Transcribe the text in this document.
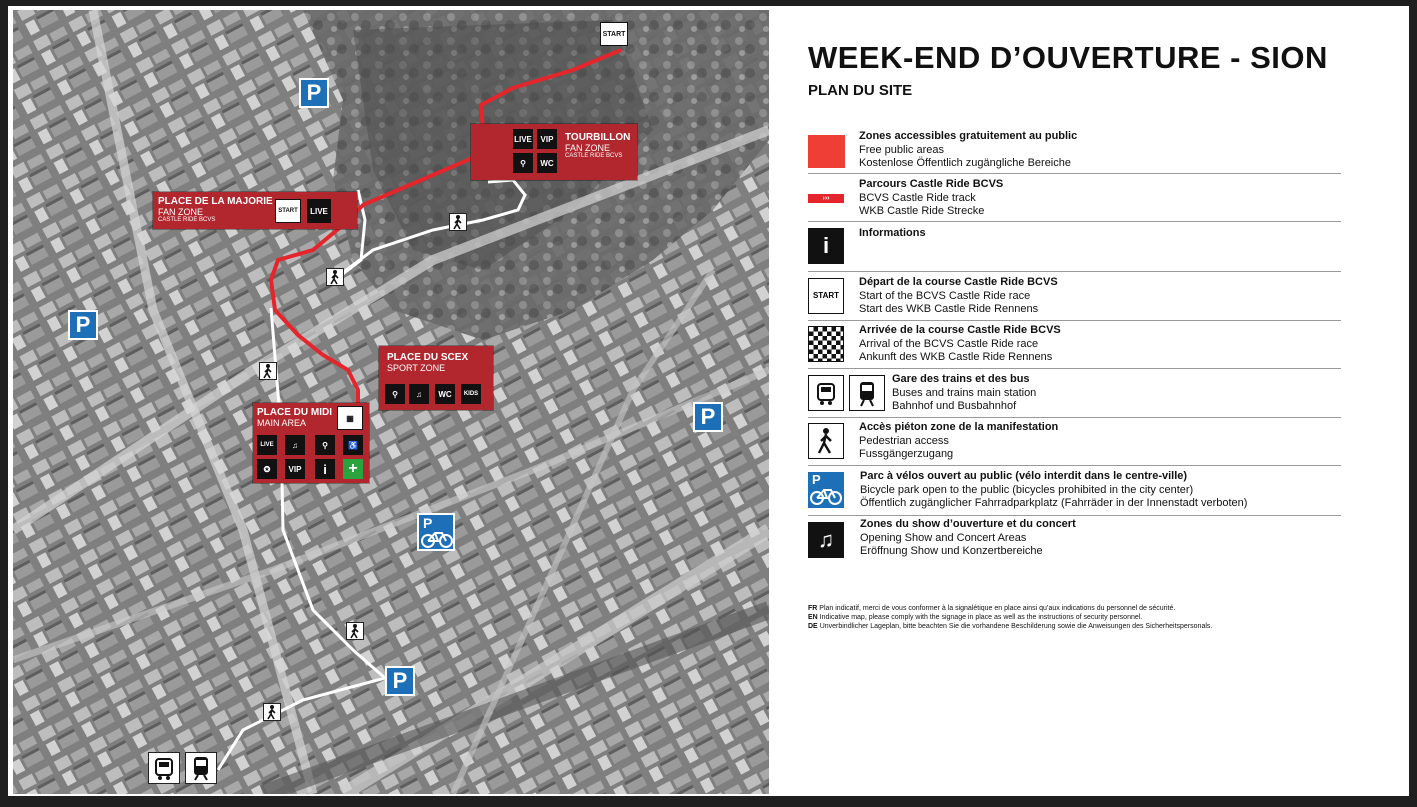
START
LIVE	VIP
⚲	WC
TOURBILLON
FAN ZONE
CASTLE RIDE BCVS
PLACE DE LA MAJORIE
FAN ZONE
CASTLE RIDE BCVS
START	LIVE
PLACE DU SCEX
SPORT ZONE
⚲	♫	WC	KIDS
PLACE DU MIDI
MAIN AREA	▦
LIVE	♫	⚲	♿
✪	VIP	i	+
P
P
P
P
P
WEEK-END D’OUVERTURE - SION
PLAN DU SITE
Zones accessibles gratuitement au public
Free public areas
Kostenlose Öffentlich zugängliche Bereiche
›››
Parcours Castle Ride BCVS
BCVS Castle Ride track
WKB Castle Ride Strecke
i	Informations
START
Départ de la course Castle Ride BCVS
Start of the BCVS Castle Ride race
Start des WKB Castle Ride Rennens
Arrivée de la course Castle Ride BCVS
Arrival of the BCVS Castle Ride race
Ankunft des WKB Castle Ride Rennens
Gare des trains et des bus
Buses and trains main station
Bahnhof und Busbahnhof
Accès piéton zone de la manifestation
Pedestrian access
Fussgängerzugang
P	Parc à vélos ouvert au public (vélo interdit dans le centre-ville)
Bicycle park open to the public (bicycles prohibited in the city center)
Öffentlich zugänglicher Fahrradparkplatz (Fahrräder in der Innenstadt verboten)
♫
Zones du show d’ouverture et du concert
Opening Show and Concert Areas
Eröffnung Show und Konzertbereiche
FR Plan indicatif, merci de vous conformer à la signalétique en place ainsi qu’aux indications du personnel de sécurité.
EN Indicative map, please comply with the signage in place as well as the instructions of security personnel.
DE Unverbindlicher Lageplan, bitte beachten Sie die vorhandene Beschilderung sowie die Anweisungen des Sicherheitspersonals.
